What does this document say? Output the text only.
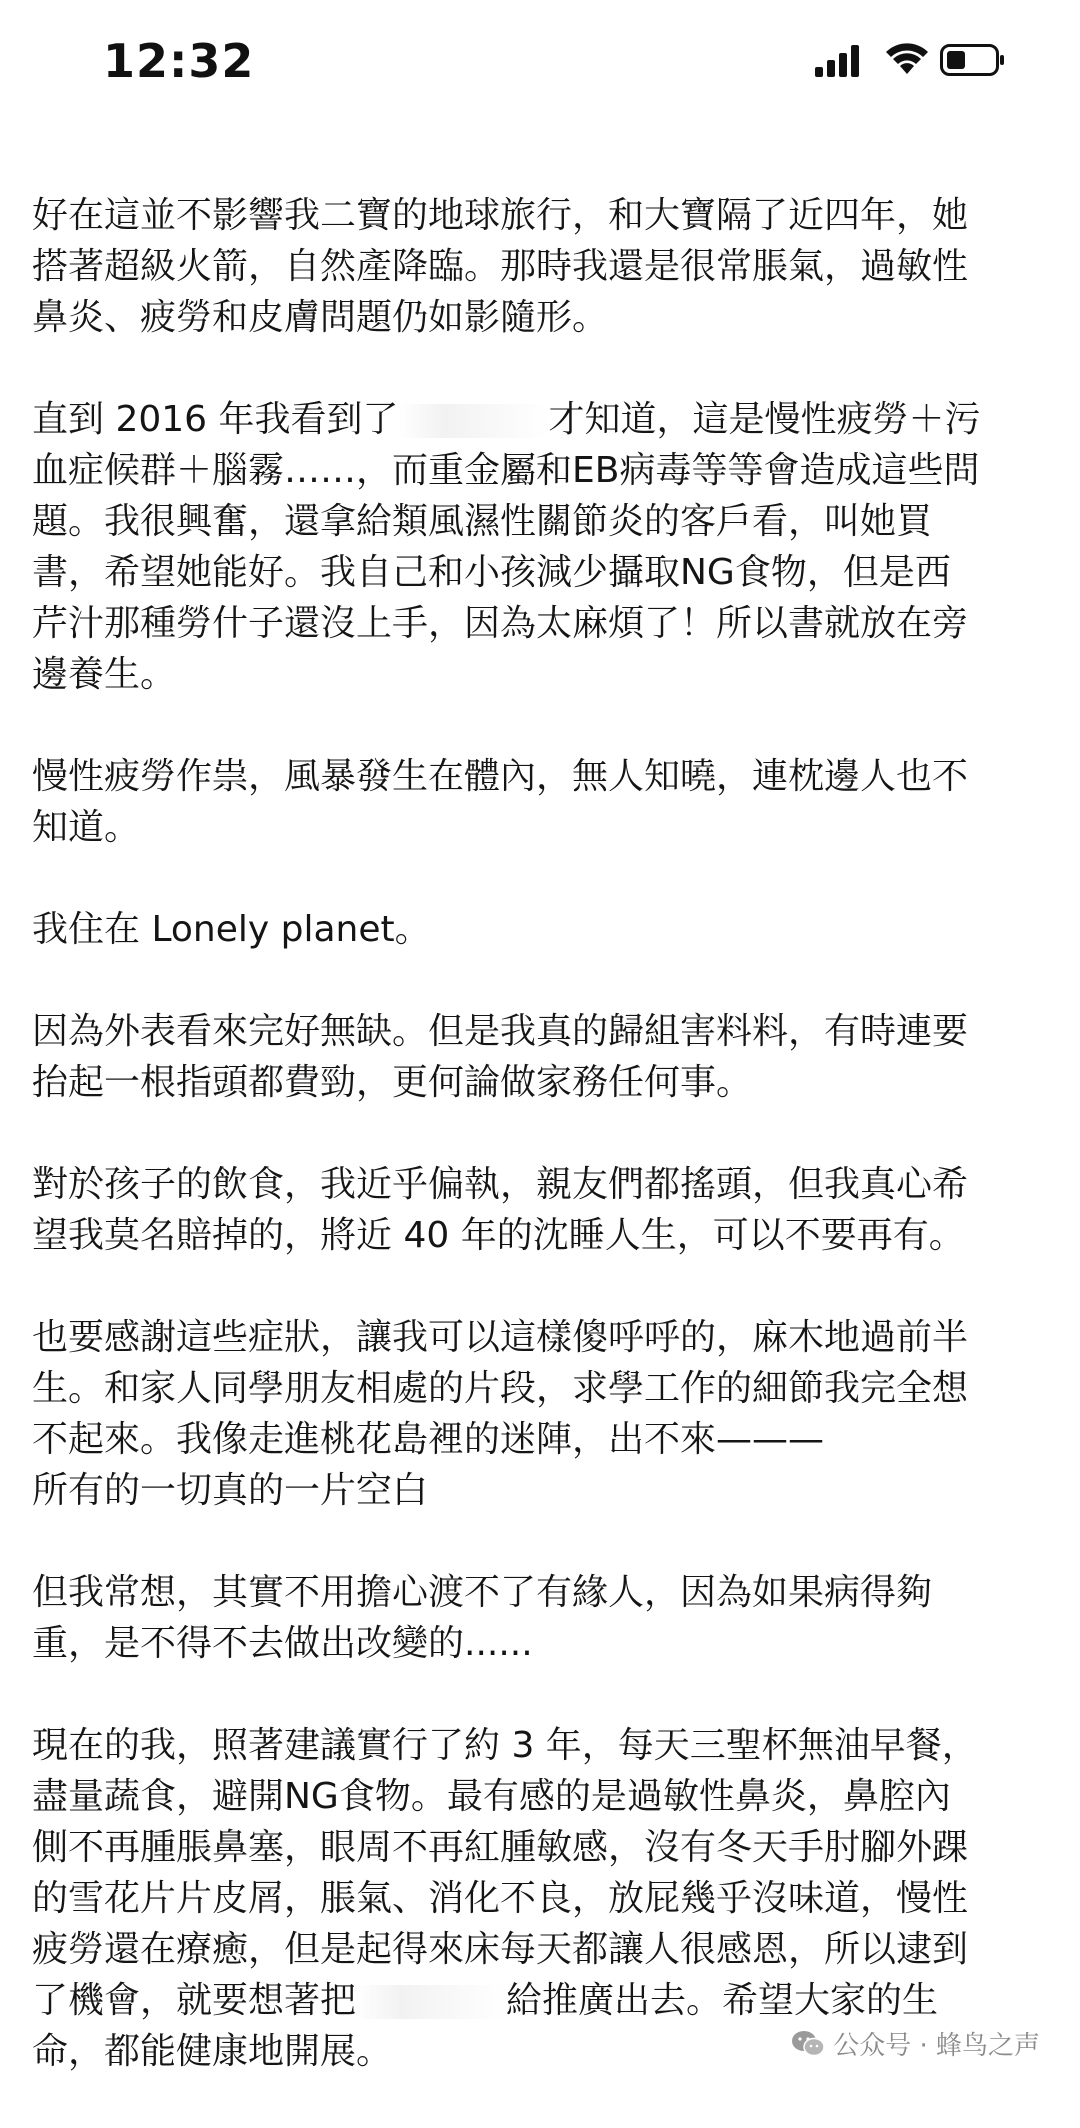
12:32
好在這並不影響我二寶的地球旅行，和大寶隔了近四年，她
搭著超級火箭，自然產降臨。那時我還是很常脹氣，過敏性
鼻炎、疲勞和皮膚問題仍如影隨形。
直到 2016 年我看到了	才知道，這是慢性疲勞＋污
血症候群＋腦霧……，而重金屬和EB病毒等等會造成這些問
題。我很興奮，還拿給類風濕性關節炎的客戶看，叫她買
書，希望她能好。我自己和小孩減少攝取NG食物，但是西
芹汁那種勞什子還沒上手，因為太麻煩了！所以書就放在旁
邊養生。
慢性疲勞作祟，風暴發生在體內，無人知曉，連枕邊人也不
知道。
我住在 Lonely planet。
因為外表看來完好無缺。但是我真的歸組害料料，有時連要
抬起一根指頭都費勁，更何論做家務任何事。
對於孩子的飲食，我近乎偏執，親友們都搖頭，但我真心希
望我莫名賠掉的，將近 40 年的沈睡人生，可以不要再有。
也要感謝這些症狀，讓我可以這樣傻呼呼的，麻木地過前半
生。和家人同學朋友相處的片段，求學工作的細節我完全想
不起來。我像走進桃花島裡的迷陣，出不來———
所有的一切真的一片空白
但我常想，其實不用擔心渡不了有緣人，因為如果病得夠
重，是不得不去做出改變的......
現在的我，照著建議實行了約 3 年，每天三聖杯無油早餐，
盡量蔬食，避開NG食物。最有感的是過敏性鼻炎，鼻腔內
側不再腫脹鼻塞，眼周不再紅腫敏感，沒有冬天手肘腳外踝
的雪花片片皮屑，脹氣、消化不良，放屁幾乎沒味道，慢性
疲勞還在療癒，但是起得來床每天都讓人很感恩，所以逮到
了機會，就要想著把	給推廣出去。希望大家的生
命，都能健康地開展。	公众号 · 蜂鸟之声
